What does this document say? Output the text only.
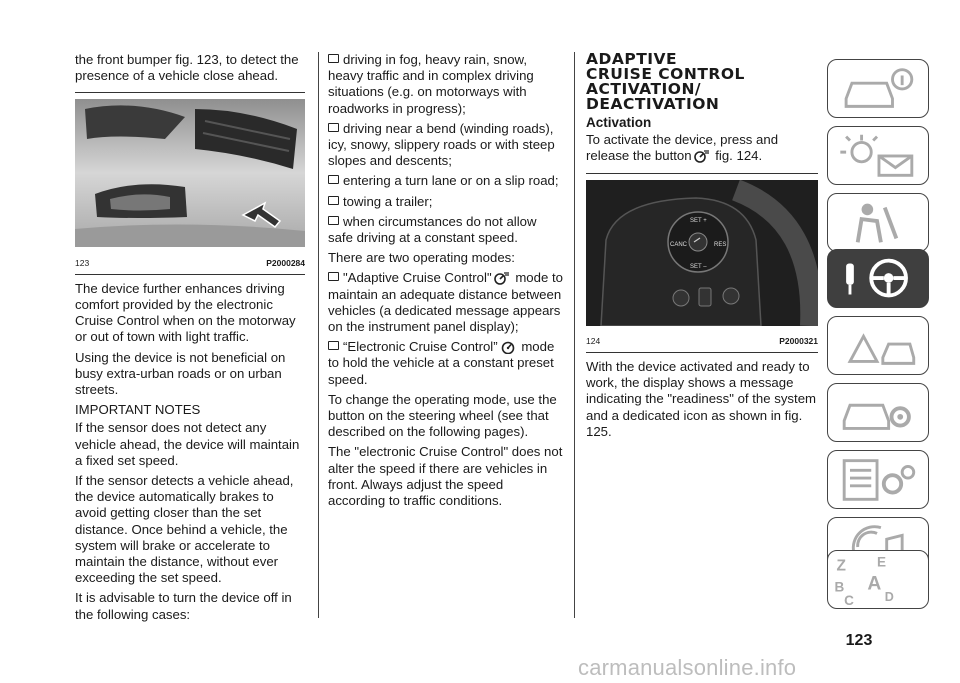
the front bumper fig. 123, to detect the presence of a vehicle close ahead.

123	P2000284

The device further enhances driving comfort provided by the electronic Cruise Control when on the motorway or out of town with light traffic.

Using the device is not beneficial on busy extra-urban roads or on urban streets.

IMPORTANT NOTES

If the sensor does not detect any vehicle ahead, the device will maintain a fixed set speed.

If the sensor detects a vehicle ahead, the device automatically brakes to avoid getting closer than the set distance. Once behind a vehicle, the system will brake or accelerate to maintain the distance, without ever exceeding the set speed.

It is advisable to turn the device off in the following cases:

driving in fog, heavy rain, snow, heavy traffic and in complex driving situations (e.g. on motorways with roadworks in progress);

driving near a bend (winding roads), icy, snowy, slippery roads or with steep slopes and descents;

entering a turn lane or on a slip road;

towing a trailer;

when circumstances do not allow safe driving at a constant speed.

There are two operating modes:

"Adaptive Cruise Control" mode to maintain an adequate distance between vehicles (a dedicated message appears on the instrument panel display);

“Electronic Cruise Control” mode to hold the vehicle at a constant preset speed.

To change the operating mode, use the button on the steering wheel (see that described on the following pages).

The "electronic Cruise Control" does not alter the speed if there are vehicles in front. Always adjust the speed according to traffic conditions.

ADAPTIVE
CRUISE CONTROL
ACTIVATION/
DEACTIVATION
Activation

To activate the device, press and release the button fig. 124.

SET +
CANC	RES
SET –
124	P2000321

With the device activated and ready to work, the display shows a message indicating the "readiness" of the system and a dedicated icon as shown in fig. 125.

Z E
B A
C D
123
carmanualsonline.info
